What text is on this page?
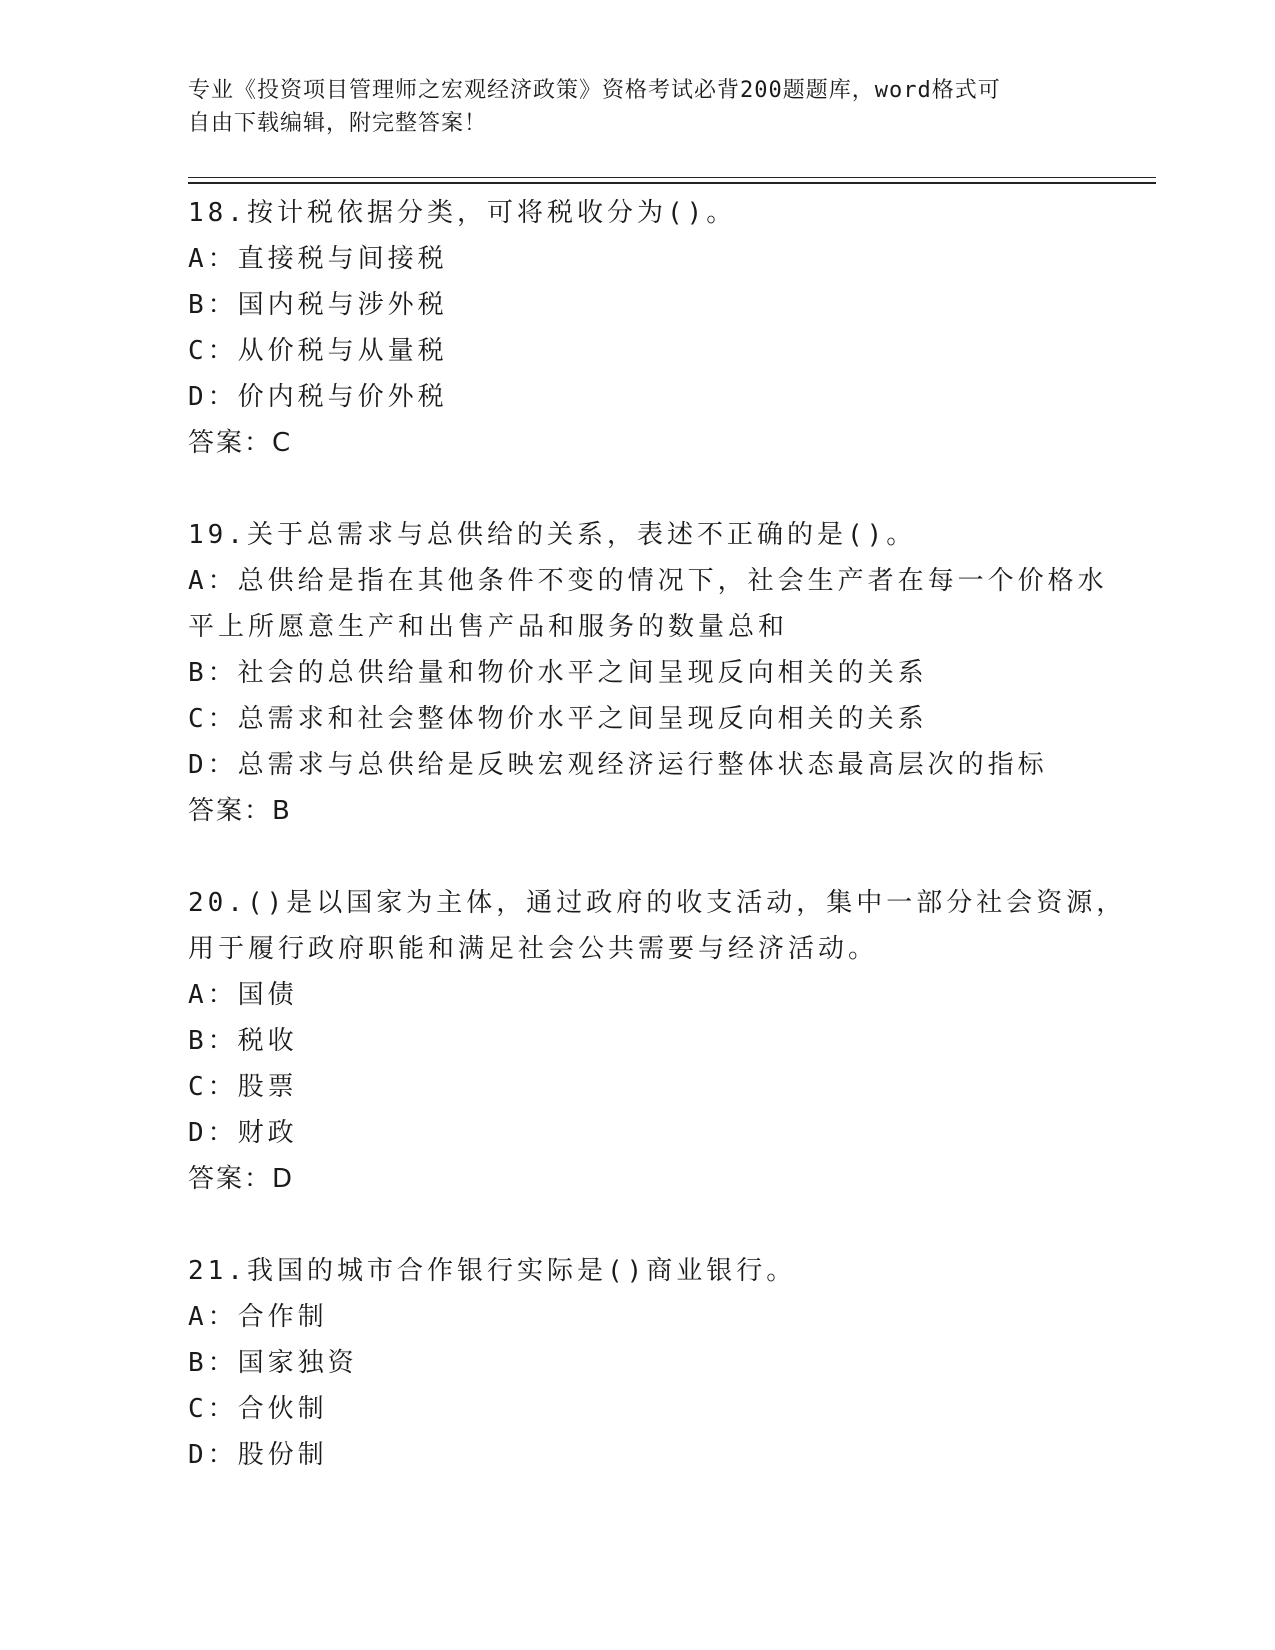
专业《投资项目管理师之宏观经济政策》资格考试必背200题题库，word格式可
自由下载编辑，附完整答案！
18.按计税依据分类，可将税收分为()。
A：直接税与间接税
B：国内税与涉外税
C：从价税与从量税
D：价内税与价外税
答案：C
19.关于总需求与总供给的关系，表述不正确的是()。
A：总供给是指在其他条件不变的情况下，社会生产者在每一个价格水
平上所愿意生产和出售产品和服务的数量总和
B：社会的总供给量和物价水平之间呈现反向相关的关系
C：总需求和社会整体物价水平之间呈现反向相关的关系
D：总需求与总供给是反映宏观经济运行整体状态最高层次的指标
答案：B
20.()是以国家为主体，通过政府的收支活动，集中一部分社会资源，
用于履行政府职能和满足社会公共需要与经济活动。
A：国债
B：税收
C：股票
D：财政
答案：D
21.我国的城市合作银行实际是()商业银行。
A：合作制
B：国家独资
C：合伙制
D：股份制
